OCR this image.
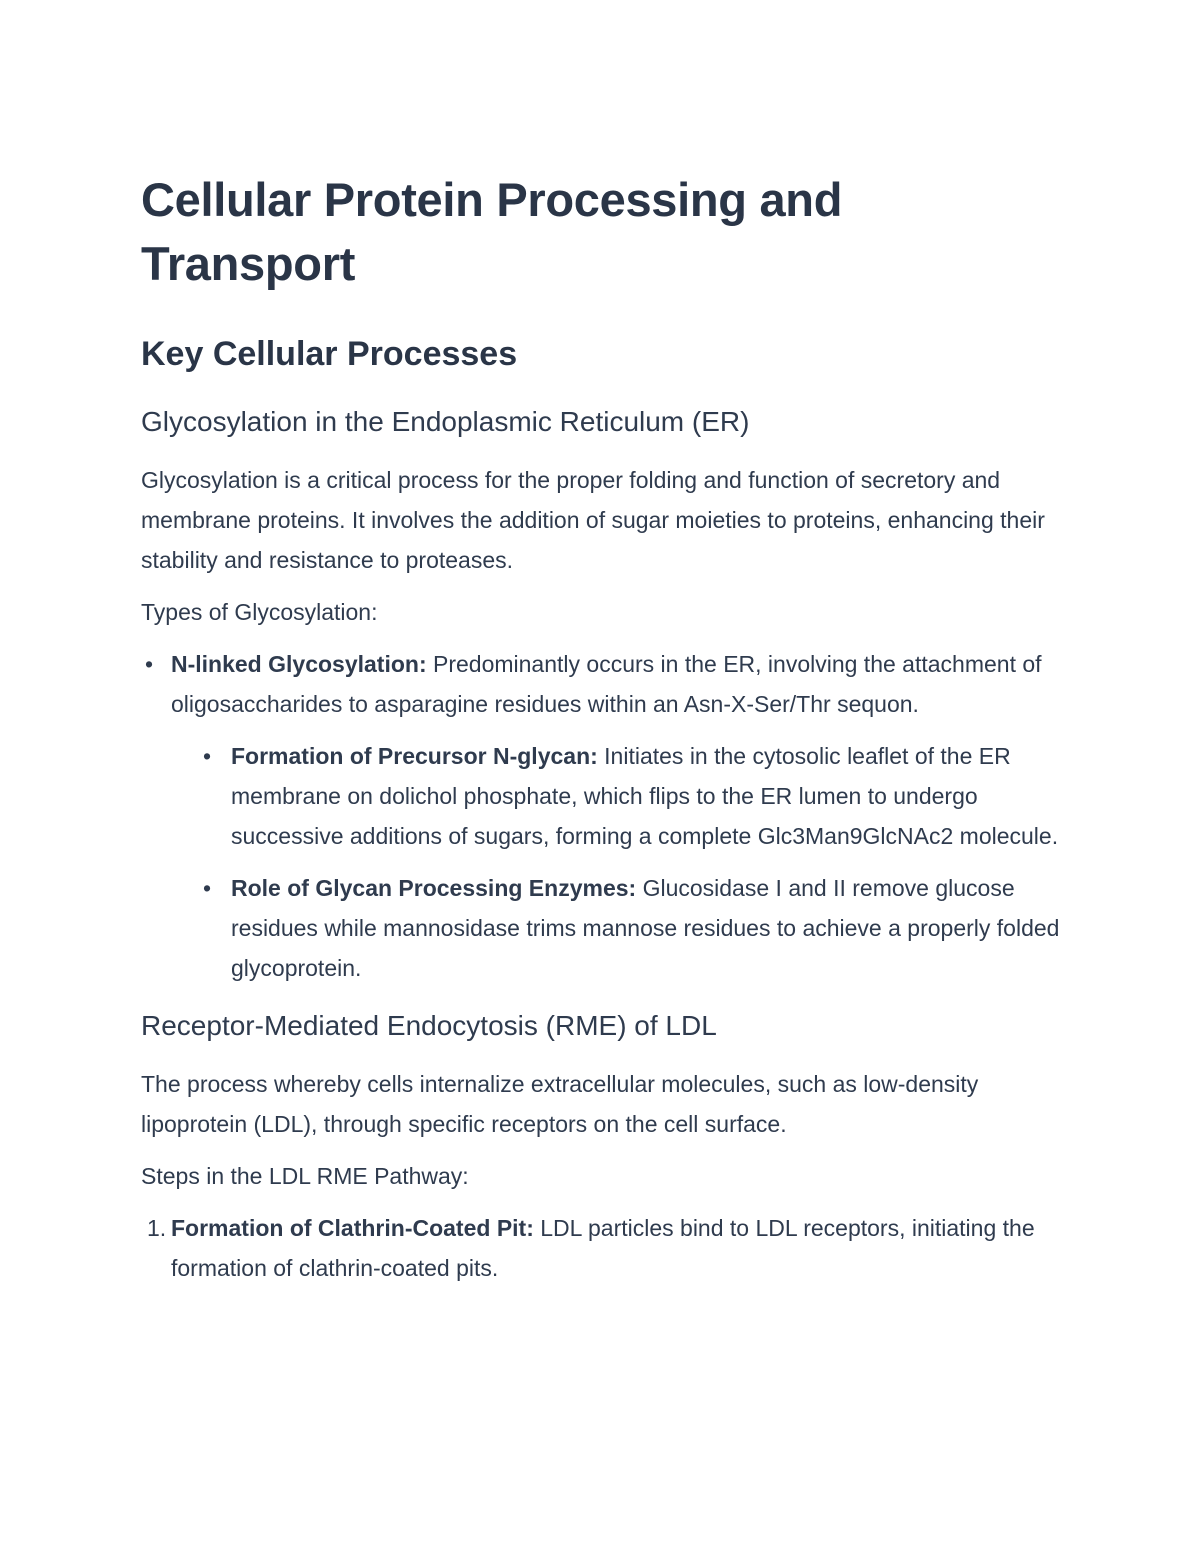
Cellular Protein Processing and Transport
Key Cellular Processes
Glycosylation in the Endoplasmic Reticulum (ER)

Glycosylation is a critical process for the proper folding and function of secretory and membrane proteins. It involves the addition of sugar moieties to proteins, enhancing their stability and resistance to proteases.

Types of Glycosylation:

• N-linked Glycosylation: Predominantly occurs in the ER, involving the attachment of oligosaccharides to asparagine residues within an Asn-X-Ser/Thr sequon.
• Formation of Precursor N-glycan: Initiates in the cytosolic leaflet of the ER membrane on dolichol phosphate, which flips to the ER lumen to undergo successive additions of sugars, forming a complete Glc3Man9GlcNAc2 molecule.
• Role of Glycan Processing Enzymes: Glucosidase I and II remove glucose residues while mannosidase trims mannose residues to achieve a properly folded glycoprotein.
Receptor-Mediated Endocytosis (RME) of LDL

The process whereby cells internalize extracellular molecules, such as low-density lipoprotein (LDL), through specific receptors on the cell surface.

Steps in the LDL RME Pathway:

1. Formation of Clathrin-Coated Pit: LDL particles bind to LDL receptors, initiating the formation of clathrin-coated pits.
